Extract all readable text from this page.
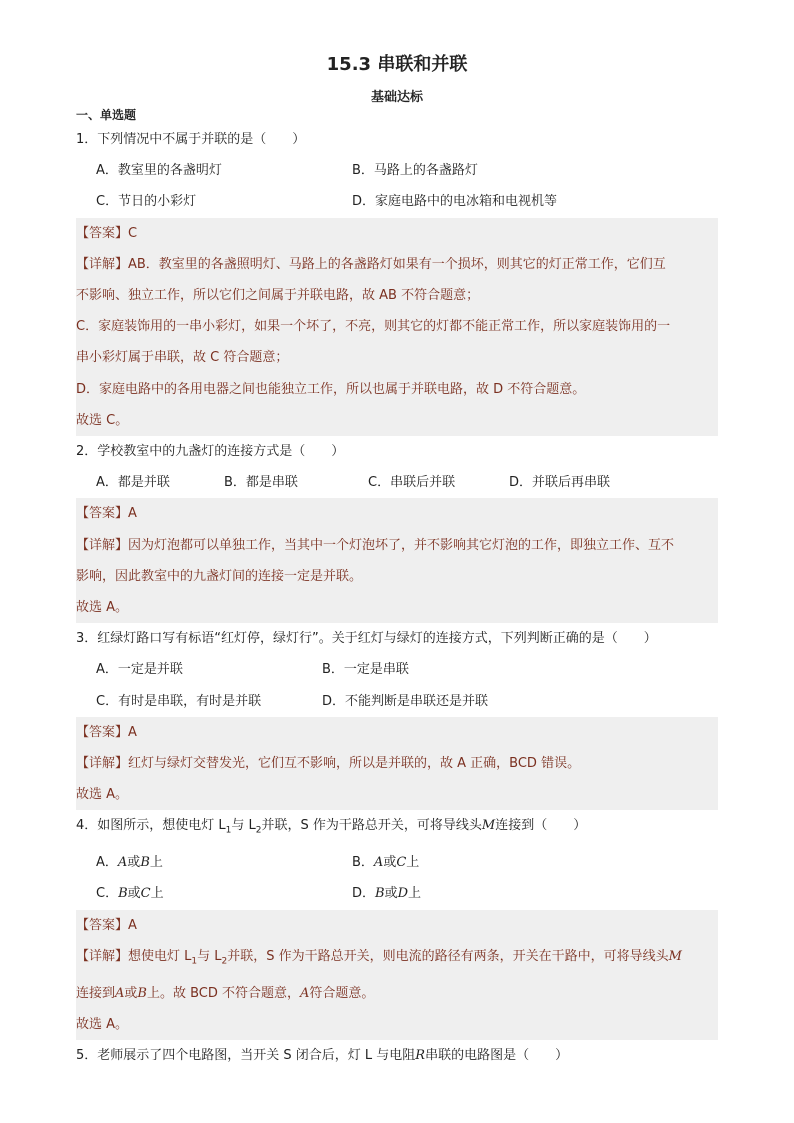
15.3 串联和并联
基础达标
一、单选题
1．下列情况中不属于并联的是（　　）
A．教室里的各盏明灯	B．马路上的各盏路灯
C．节日的小彩灯	D．家庭电路中的电冰箱和电视机等
【答案】C
【详解】AB．教室里的各盏照明灯、马路上的各盏路灯如果有一个损坏，则其它的灯正常工作，它们互
不影响、独立工作，所以它们之间属于并联电路，故 AB 不符合题意；
C．家庭装饰用的一串小彩灯，如果一个坏了，不亮，则其它的灯都不能正常工作，所以家庭装饰用的一
串小彩灯属于串联，故 C 符合题意；
D．家庭电路中的各用电器之间也能独立工作，所以也属于并联电路，故 D 不符合题意。
故选 C。
2．学校教室中的九盏灯的连接方式是（　　）
A．都是并联	B．都是串联	C．串联后并联	D．并联后再串联
【答案】A
【详解】因为灯泡都可以单独工作，当其中一个灯泡坏了，并不影响其它灯泡的工作，即独立工作、互不
影响，因此教室中的九盏灯间的连接一定是并联。
故选 A。
3．红绿灯路口写有标语“红灯停，绿灯行”。关于红灯与绿灯的连接方式，下列判断正确的是（　　）
A．一定是并联	B．一定是串联
C．有时是串联，有时是并联	D．不能判断是串联还是并联
【答案】A
【详解】红灯与绿灯交替发光，它们互不影响，所以是并联的，故 A 正确，BCD 错误。
故选 A。
4．如图所示，想使电灯 $L_1$与 $L_2$并联，S 作为干路总开关，可将导线头M连接到（　　）
A．A或B上	B．A或C上
C．B或C上	D．B或D上
【答案】A
【详解】想使电灯 $L_1$与 $L_2$并联，S 作为干路总开关，则电流的路径有两条，开关在干路中，可将导线头M
连接到A或B上。故 BCD 不符合题意，A符合题意。
故选 A。
5．老师展示了四个电路图，当开关 S 闭合后，灯 L 与电阻R串联的电路图是（　　）
